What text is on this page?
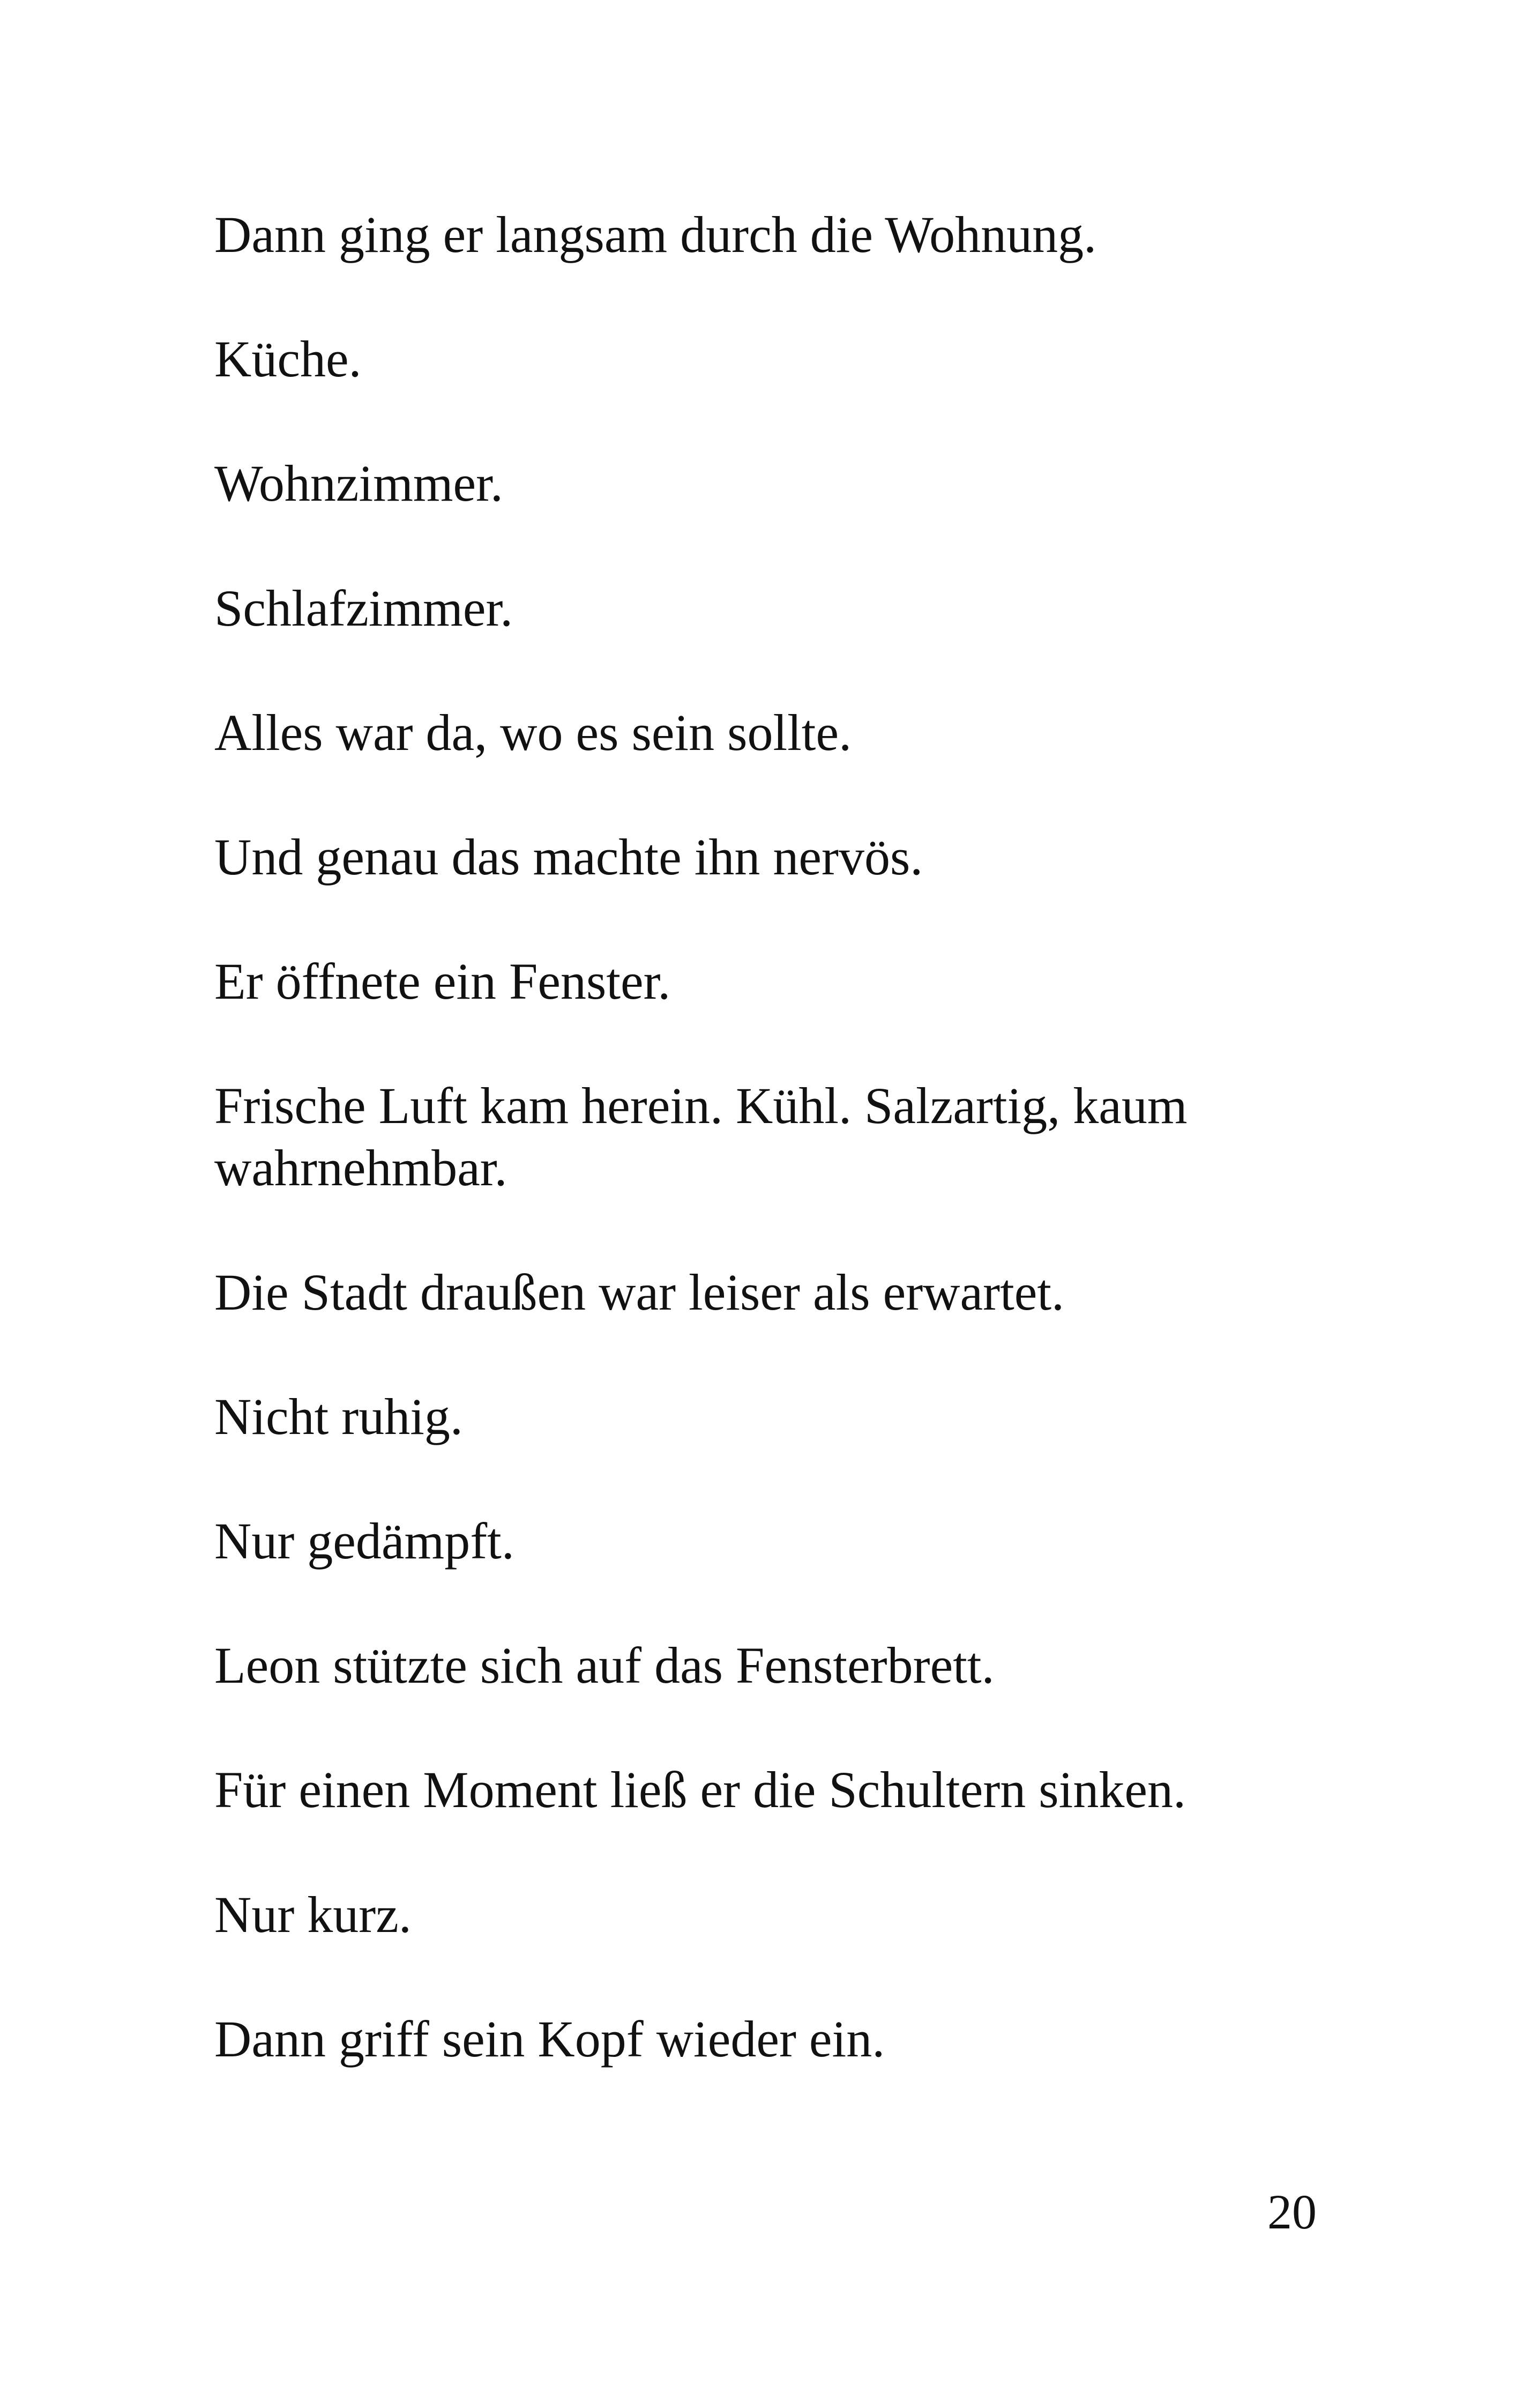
Dann ging er langsam durch die Wohnung.

Küche.

Wohnzimmer.

Schlafzimmer.

Alles war da, wo es sein sollte.

Und genau das machte ihn nervös.

Er öffnete ein Fenster.

Frische Luft kam herein. Kühl. Salzartig, kaum wahrnehmbar.

Die Stadt draußen war leiser als erwartet.

Nicht ruhig.

Nur gedämpft.

Leon stützte sich auf das Fensterbrett.

Für einen Moment ließ er die Schultern sinken.

Nur kurz.

Dann griff sein Kopf wieder ein.

20
